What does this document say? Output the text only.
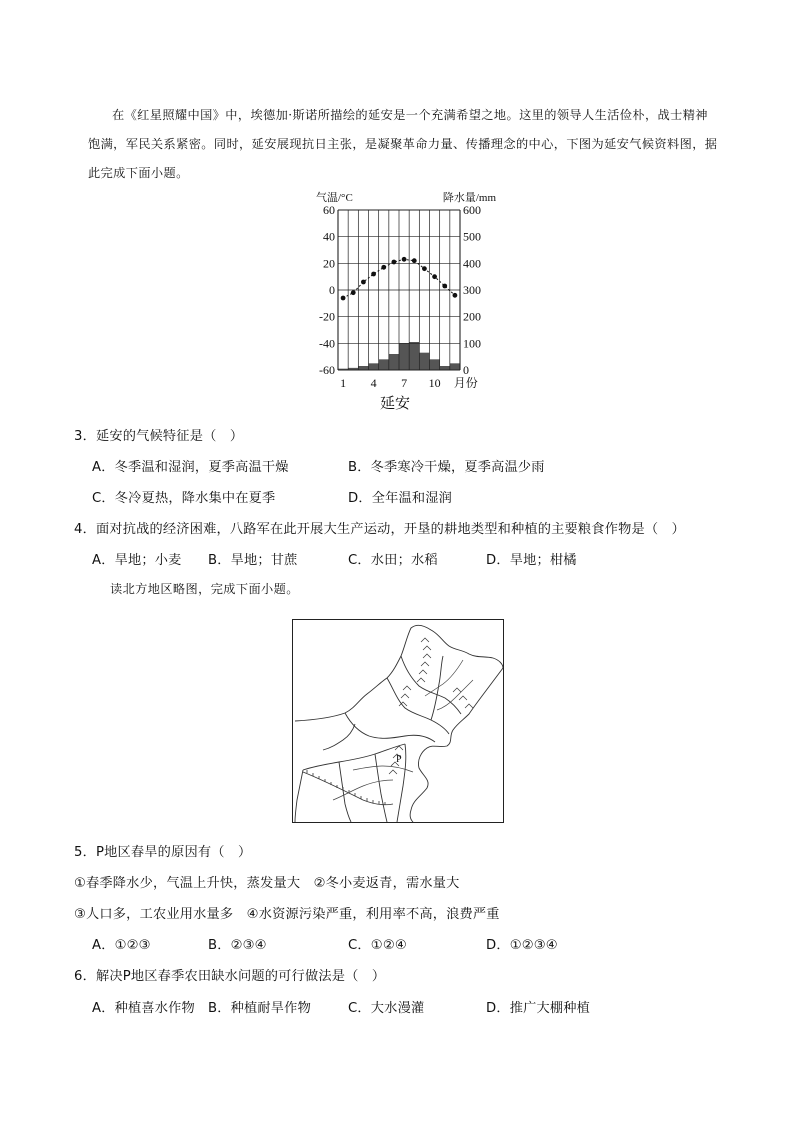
在《红星照耀中国》中，埃德加·斯诺所描绘的延安是一个充满希望之地。这里的领导人生活俭朴，战士精神饱满，军民关系紧密。同时，延安展现抗日主张，是凝聚革命力量、传播理念的中心，下图为延安气候资料图，据此完成下面小题。

60
40
20
0
-20
-40
-60
600
500
400
300
200
100
0
气温/°C	降水量/mm
1 4 7 10 月份
延安
3．延安的气候特征是（　）
A．冬季温和湿润，夏季高温干燥	B．冬季寒冷干燥，夏季高温少雨
C．冬冷夏热，降水集中在夏季	D．全年温和湿润
4．面对抗战的经济困难，八路军在此开展大生产运动，开垦的耕地类型和种植的主要粮食作物是（　）
A．旱地；小麦 B．旱地；甘蔗	C．水田；水稻	D．旱地；柑橘
读北方地区略图，完成下面小题。
P
5．P地区春旱的原因有（　）
①春季降水少，气温上升快，蒸发量大　②冬小麦返青，需水量大
③人口多，工农业用水量多　④水资源污染严重，利用率不高，浪费严重
A．①②③	B．②③④	C．①②④	D．①②③④
6．解决P地区春季农田缺水问题的可行做法是（　）
A．种植喜水作物 B．种植耐旱作物	C．大水漫灌	D．推广大棚种植
